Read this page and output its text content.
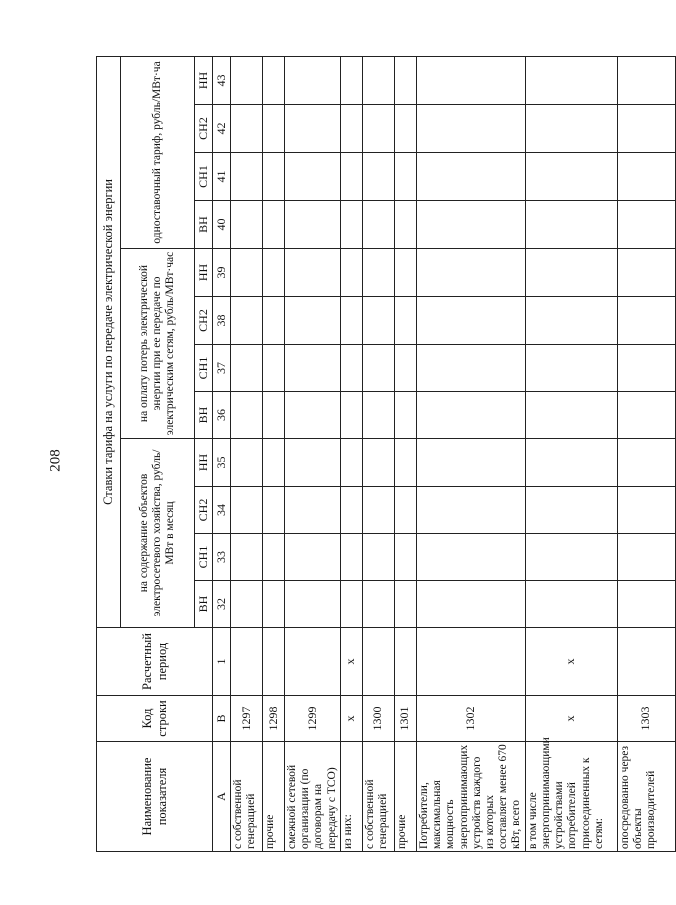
208
Наименование показателя	Код строки	Расчетный период	Ставки тарифа на услуги по передаче электрической энергии											
			на содержание объектов электросетевого хозяйства, рубль/МВт в месяц				на оплату потерь электрической энергии при ее передаче по электрическим сетям, рубль/МВт·час				одноставочный тариф, рубль/МВт·ча			
			ВН	СН1	СН2	НН	ВН	СН1	СН2	НН	ВН	СН1	СН2	НН
А	В	1	32	33	34	35	36	37	38	39	40	41	42	43
с собственной генерацией	1297													
прочие	1298													
смежной сетевой организации (по договорам на передачу с ТСО)	1299													
из них:	x	x												
с собственной генерацией	1300													
прочие	1301													
Потребители, максимальная мощность энергопринимающих устройств каждого из которых составляет менее 670 кВт, всего	1302													
в том числе энергопринимающими устройствами потребителей присоединенных к сетям:	x	x												
опосредованно через объекты производителей	1303													
